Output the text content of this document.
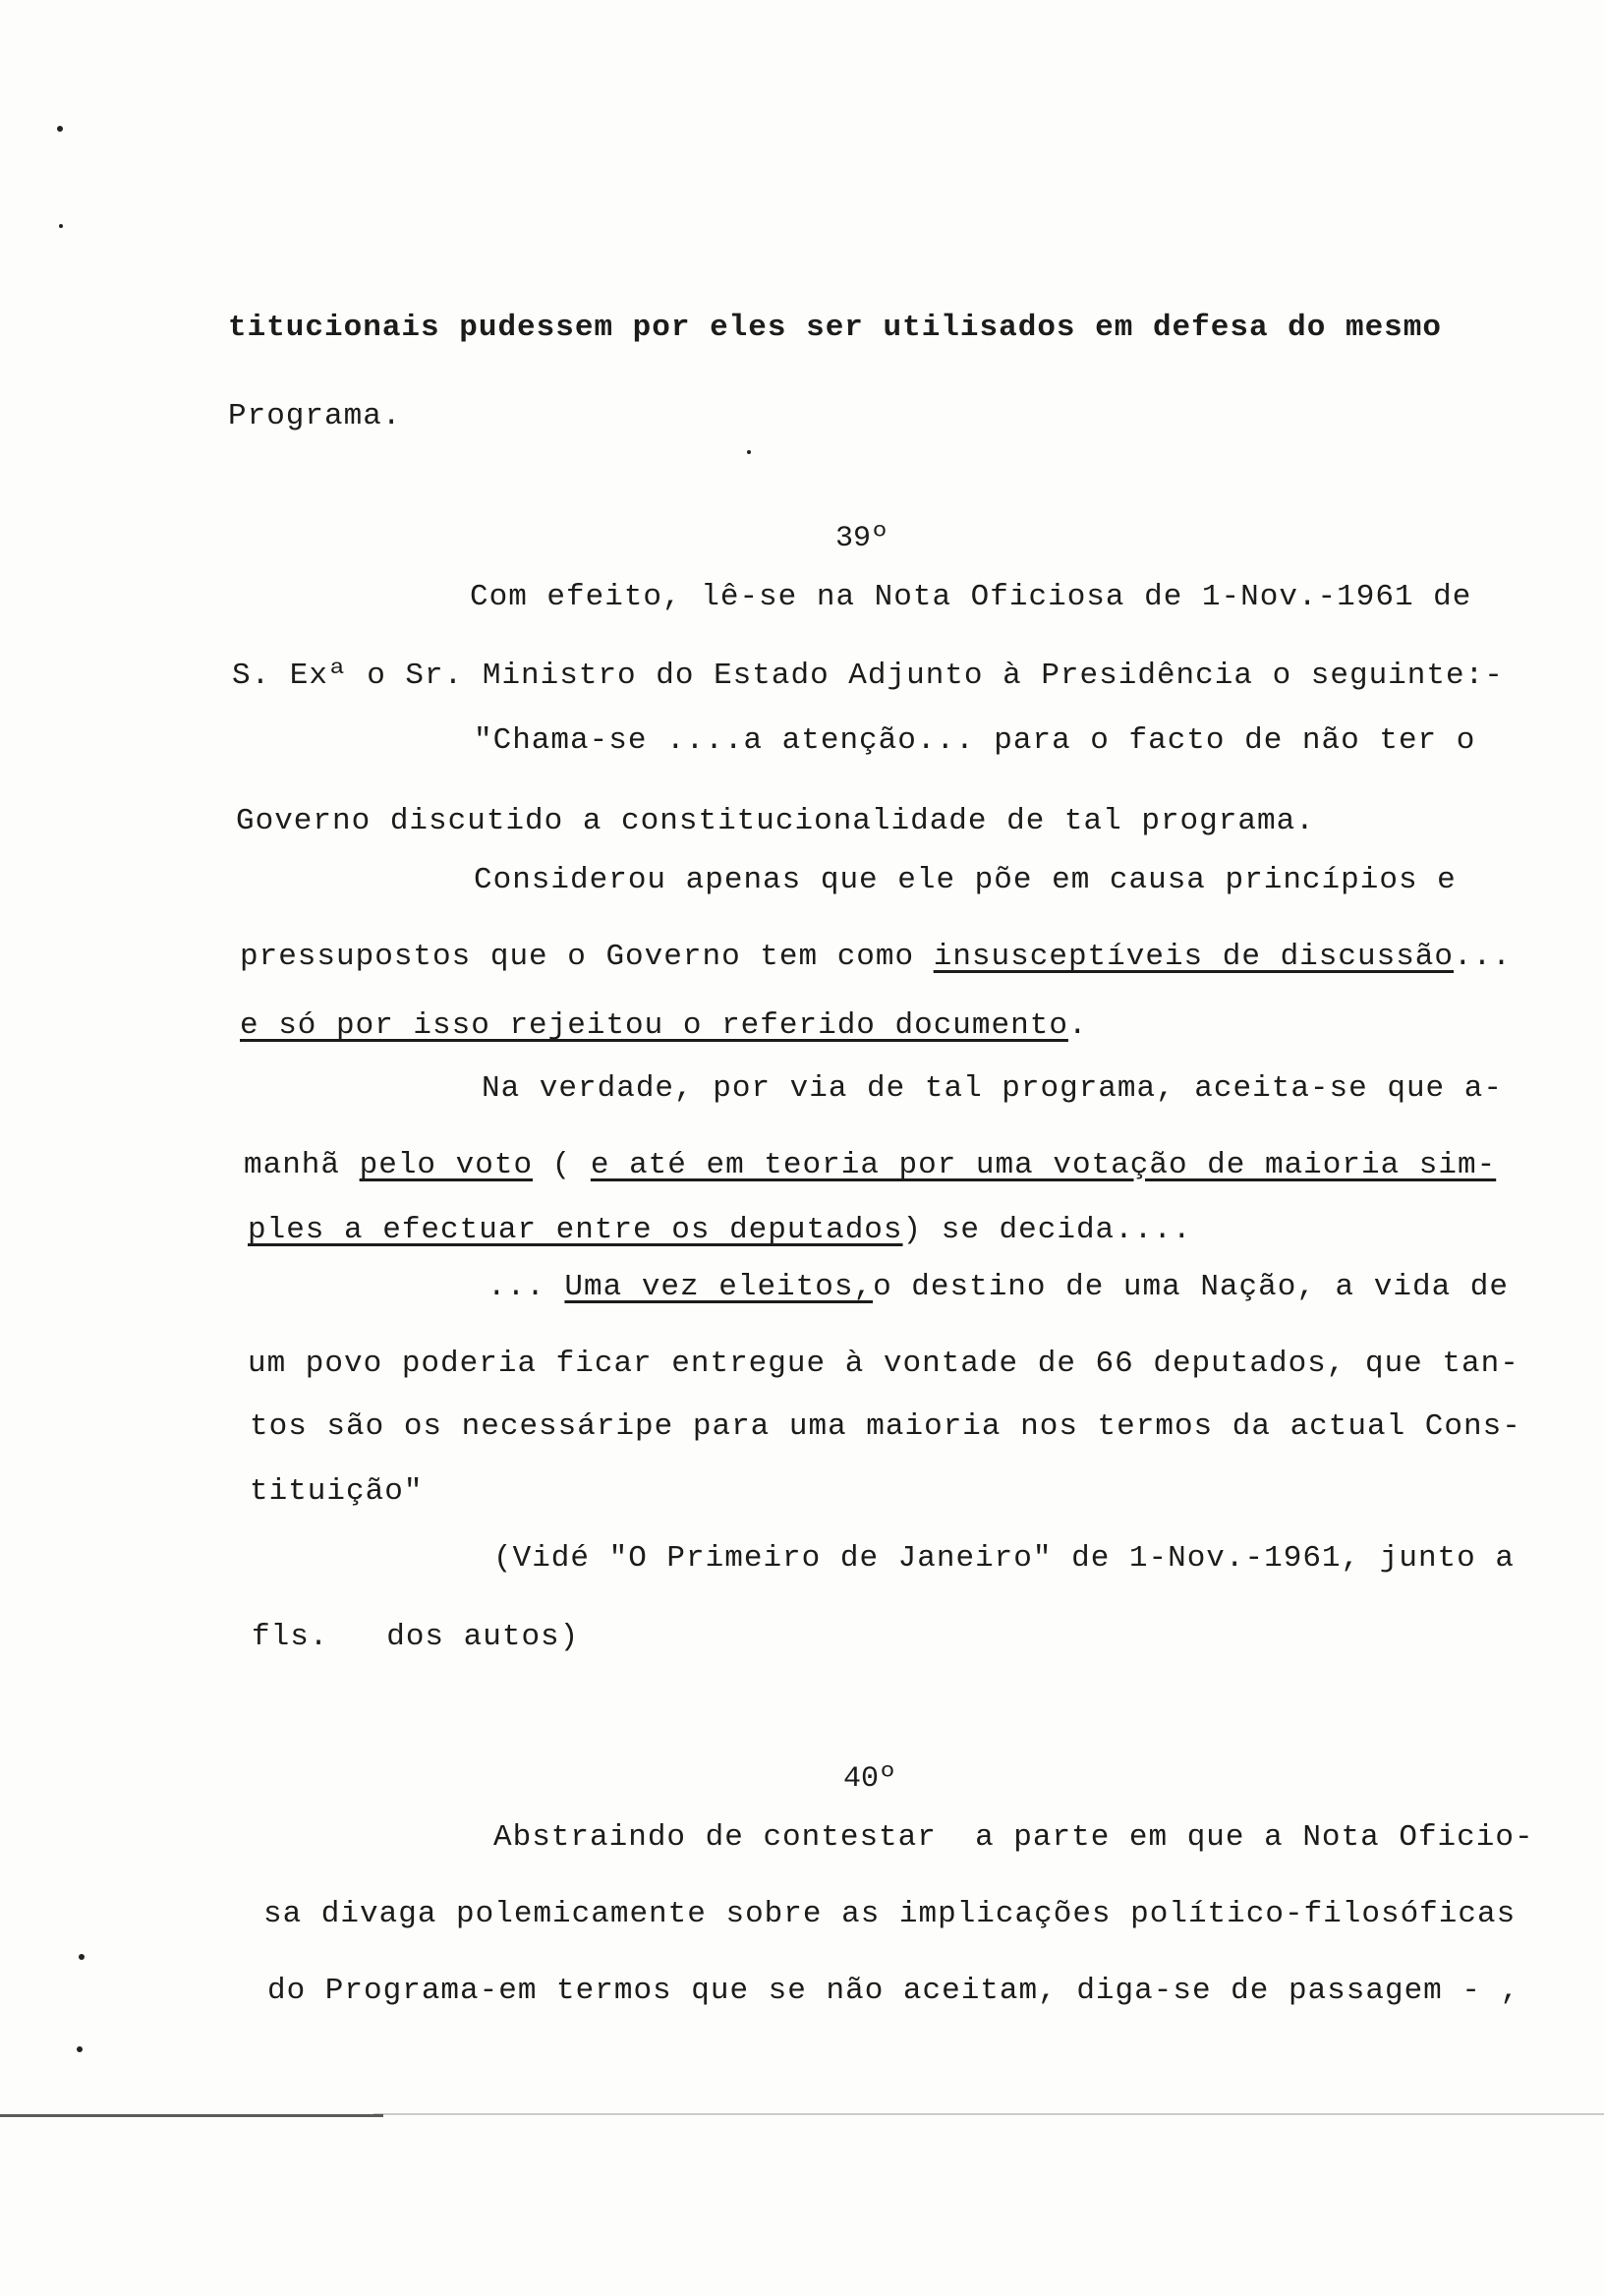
titucionais pudessem por eles ser utilisados em defesa do mesmo
Programa.
39º
Com efeito, lê-se na Nota Oficiosa de 1-Nov.-1961 de
S. Exª o Sr. Ministro do Estado Adjunto à Presidência o seguinte:-
"Chama-se ....a atenção... para o facto de não ter o
Governo discutido a constitucionalidade de tal programa.
Considerou apenas que ele põe em causa princípios e
pressupostos que o Governo tem como insusceptíveis de discussão...
e só por isso rejeitou o referido documento.
Na verdade, por via de tal programa, aceita-se que a-
manhã pelo voto ( e até em teoria por uma votação de maioria sim-
ples a efectuar entre os deputados) se decida....
... Uma vez eleitos,o destino de uma Nação, a vida de
um povo poderia ficar entregue à vontade de 66 deputados, que tan-
tos são os necessáripe para uma maioria nos termos da actual Cons-
tituição"
(Vidé "O Primeiro de Janeiro" de 1-Nov.-1961, junto a
fls.   dos autos)
40º
Abstraindo de contestar  a parte em que a Nota Oficio-
sa divaga polemicamente sobre as implicações político-filosóficas
do Programa-em termos que se não aceitam, diga-se de passagem - ,
